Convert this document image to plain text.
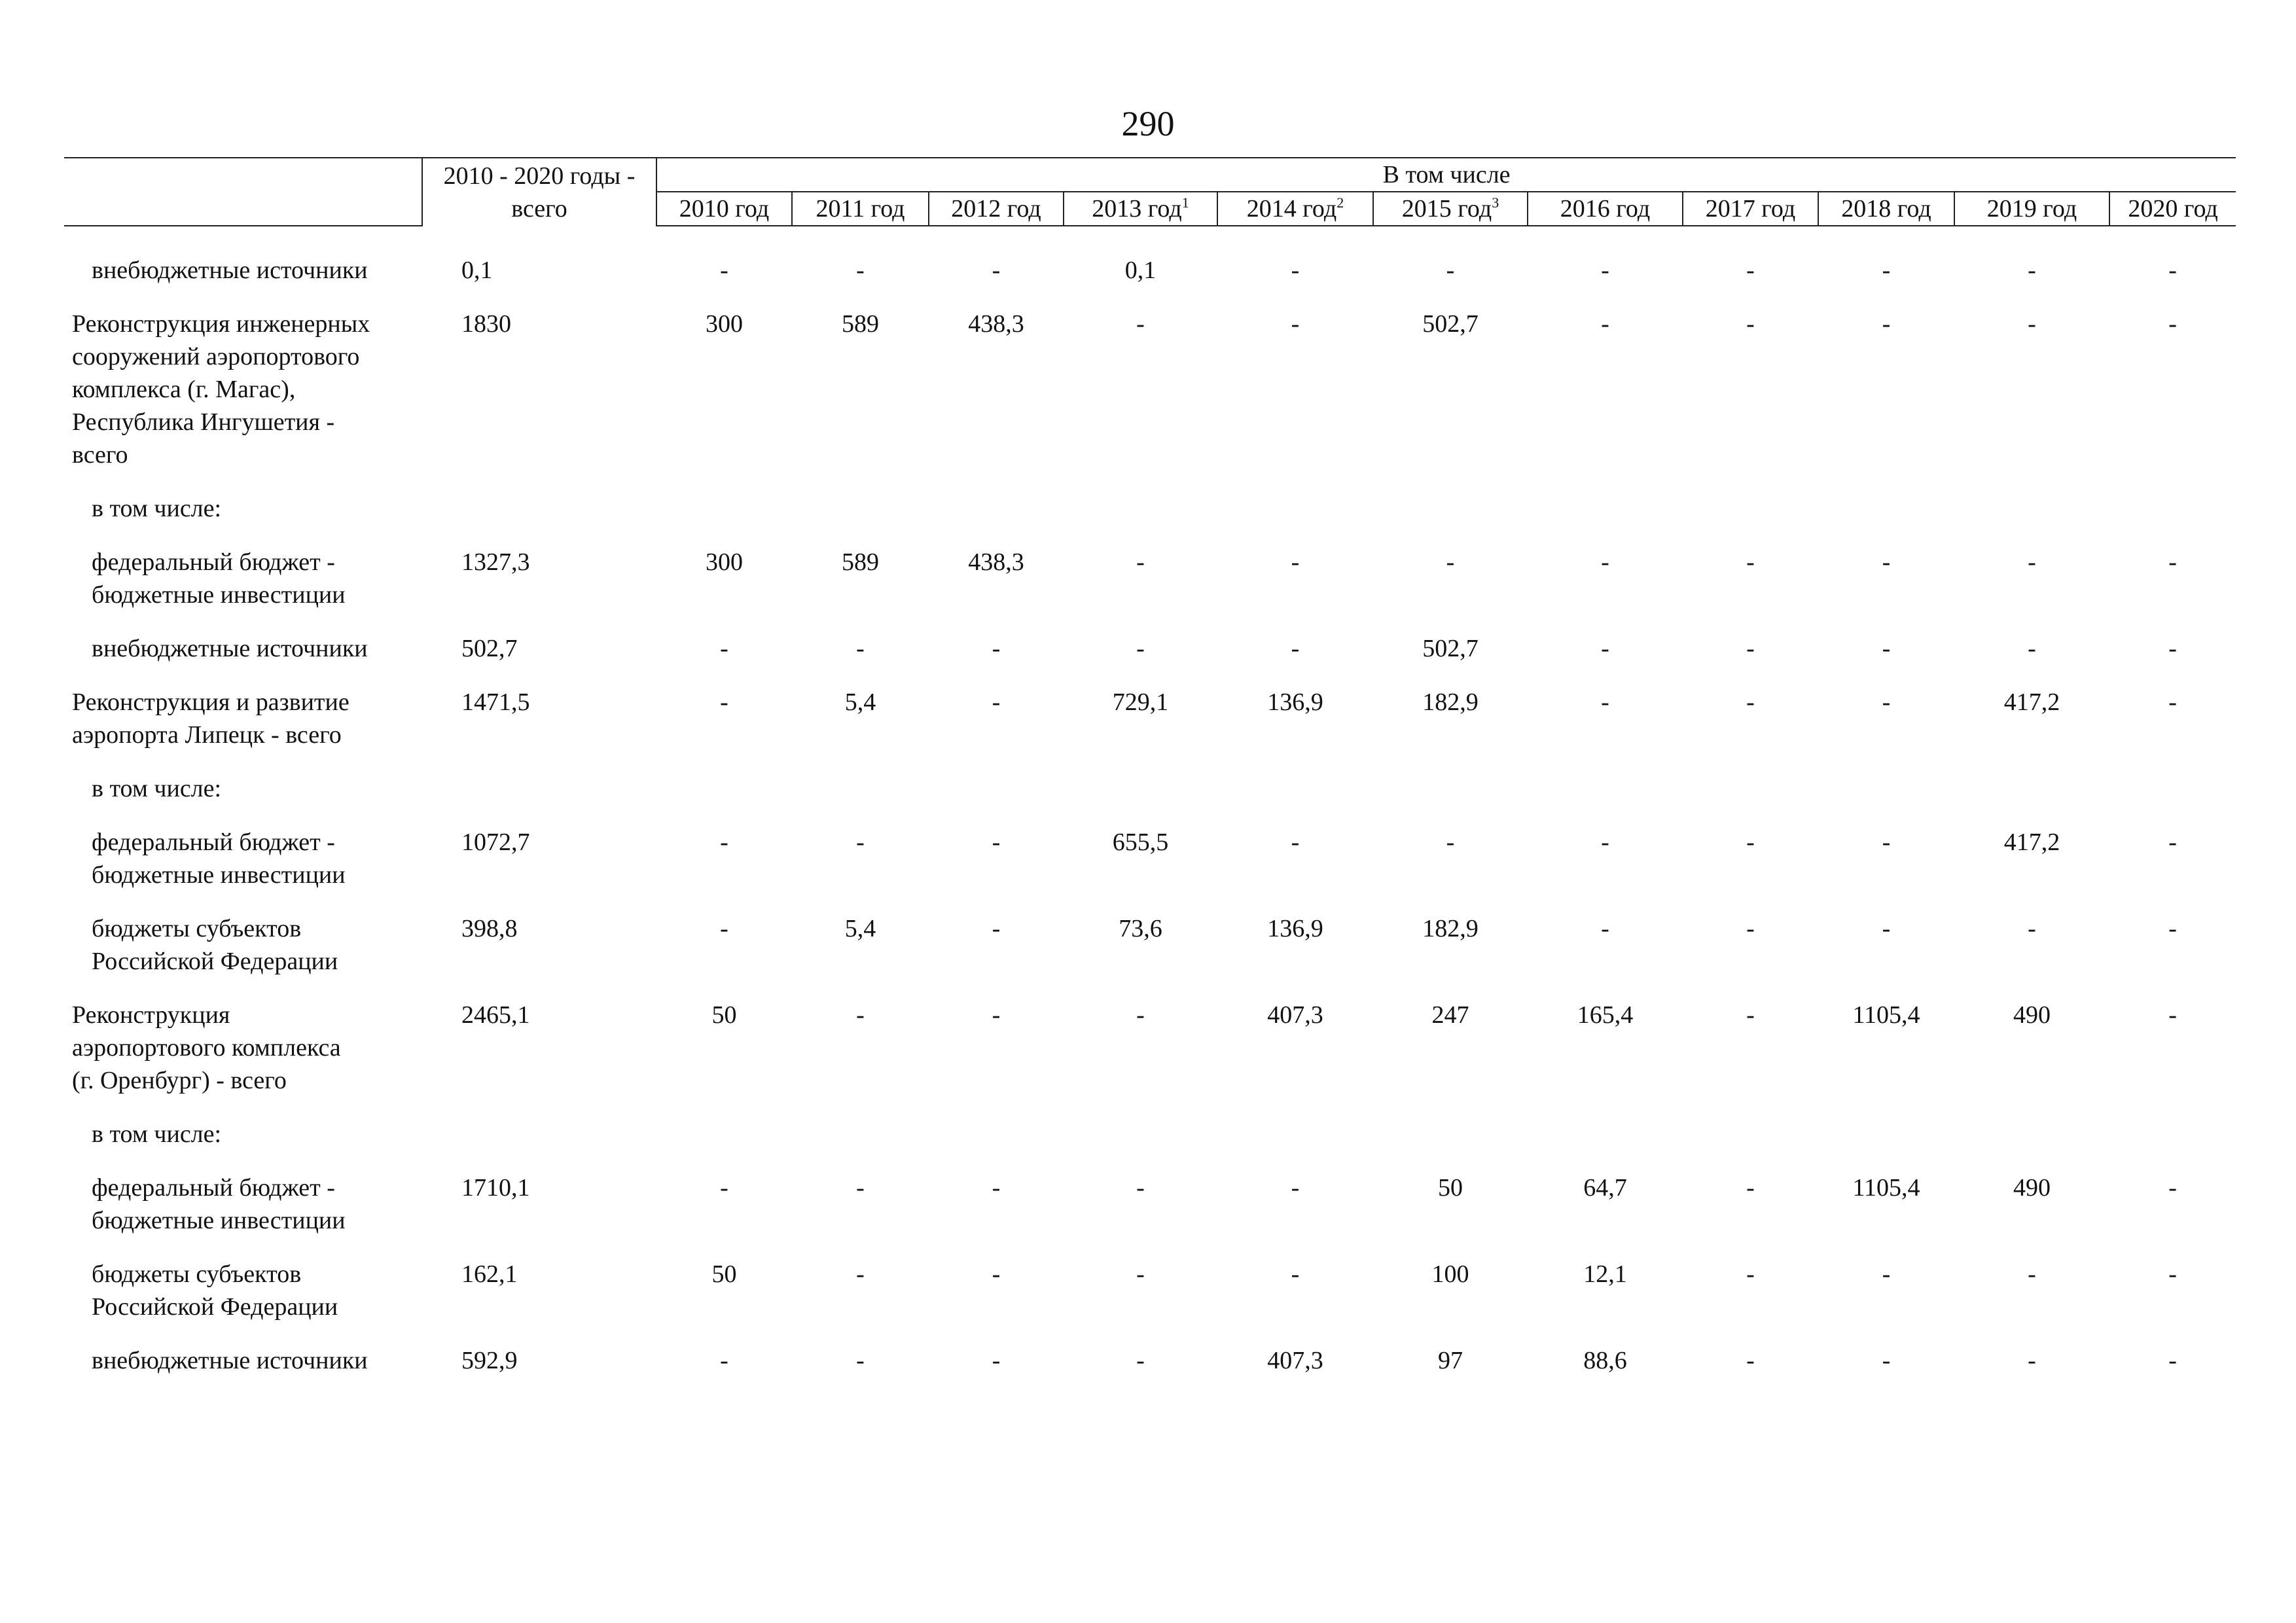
290
	2010 - 2020 годы -
всего	В том числе										
		2010 год	2011 год	2012 год	2013 год$^1$	2014 год$^2$	2015 год$^3$	2016 год	2017 год	2018 год	2019 год	2020 год

внебюджетные источники	0,1	-	-	-	0,1	-	-	-	-	-	-	-

Реконструкция инженерных
сооружений аэропортового
комплекса (г. Магас),
Республика Ингушетия -
всего	1830	300	589	438,3	-	-	502,7	-	-	-	-	-

в том числе:												

федеральный бюджет -
бюджетные инвестиции	1327,3	300	589	438,3	-	-	-	-	-	-	-	-

внебюджетные источники	502,7	-	-	-	-	-	502,7	-	-	-	-	-

Реконструкция и развитие
аэропорта Липецк - всего	1471,5	-	5,4	-	729,1	136,9	182,9	-	-	-	417,2	-

в том числе:												

федеральный бюджет -
бюджетные инвестиции	1072,7	-	-	-	655,5	-	-	-	-	-	417,2	-

бюджеты субъектов
Российской Федерации	398,8	-	5,4	-	73,6	136,9	182,9	-	-	-	-	-

Реконструкция
аэропортового комплекса
(г. Оренбург) - всего	2465,1	50	-	-	-	407,3	247	165,4	-	1105,4	490	-

в том числе:												

федеральный бюджет -
бюджетные инвестиции	1710,1	-	-	-	-	-	50	64,7	-	1105,4	490	-

бюджеты субъектов
Российской Федерации	162,1	50	-	-	-	-	100	12,1	-	-	-	-

внебюджетные источники	592,9	-	-	-	-	407,3	97	88,6	-	-	-	-
